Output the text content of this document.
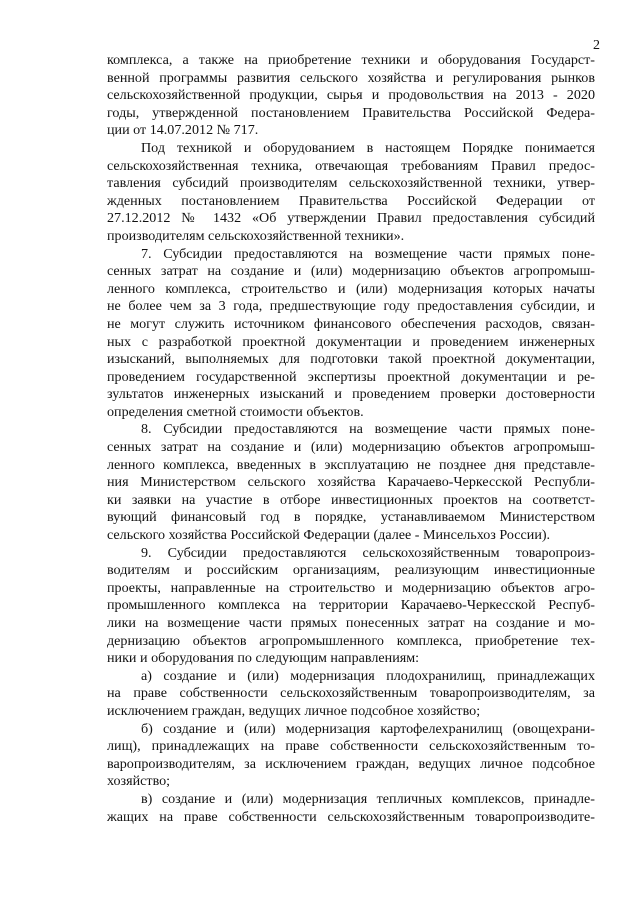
2
комплекса, а также на приобретение техники и оборудования Государст-
венной программы развития сельского хозяйства и регулирования рынков
сельскохозяйственной продукции, сырья и продовольствия на 2013 - 2020
годы, утвержденной постановлением Правительства Российской Федера-
ции от 14.07.2012 № 717.
Под техникой и оборудованием в настоящем Порядке понимается
сельскохозяйственная техника, отвечающая требованиям Правил предос-
тавления субсидий производителям сельскохозяйственной техники, утвер-
жденных постановлением Правительства Российской Федерации от
27.12.2012 № 1432 «Об утверждении Правил предоставления субсидий
производителям сельскохозяйственной техники».
7. Субсидии предоставляются на возмещение части прямых поне-
сенных затрат на создание и (или) модернизацию объектов агропромыш-
ленного комплекса, строительство и (или) модернизация которых начаты
не более чем за 3 года, предшествующие году предоставления субсидии, и
не могут служить источником финансового обеспечения расходов, связан-
ных с разработкой проектной документации и проведением инженерных
изысканий, выполняемых для подготовки такой проектной документации,
проведением государственной экспертизы проектной документации и ре-
зультатов инженерных изысканий и проведением проверки достоверности
определения сметной стоимости объектов.
8. Субсидии предоставляются на возмещение части прямых поне-
сенных затрат на создание и (или) модернизацию объектов агропромыш-
ленного комплекса, введенных в эксплуатацию не позднее дня представле-
ния Министерством сельского хозяйства Карачаево-Черкесской Республи-
ки заявки на участие в отборе инвестиционных проектов на соответст-
вующий финансовый год в порядке, устанавливаемом Министерством
сельского хозяйства Российской Федерации (далее - Минсельхоз России).
9. Субсидии предоставляются сельскохозяйственным товаропроиз-
водителям и российским организациям, реализующим инвестиционные
проекты, направленные на строительство и модернизацию объектов агро-
промышленного комплекса на территории Карачаево-Черкесской Респуб-
лики на возмещение части прямых понесенных затрат на создание и мо-
дернизацию объектов агропромышленного комплекса, приобретение тех-
ники и оборудования по следующим направлениям:
а) создание и (или) модернизация плодохранилищ, принадлежащих
на праве собственности сельскохозяйственным товаропроизводителям, за
исключением граждан, ведущих личное подсобное хозяйство;
б) создание и (или) модернизация картофелехранилищ (овощехрани-
лищ), принадлежащих на праве собственности сельскохозяйственным то-
варопроизводителям, за исключением граждан, ведущих личное подсобное
хозяйство;
в) создание и (или) модернизация тепличных комплексов, принадле-
жащих на праве собственности сельскохозяйственным товаропроизводите-
